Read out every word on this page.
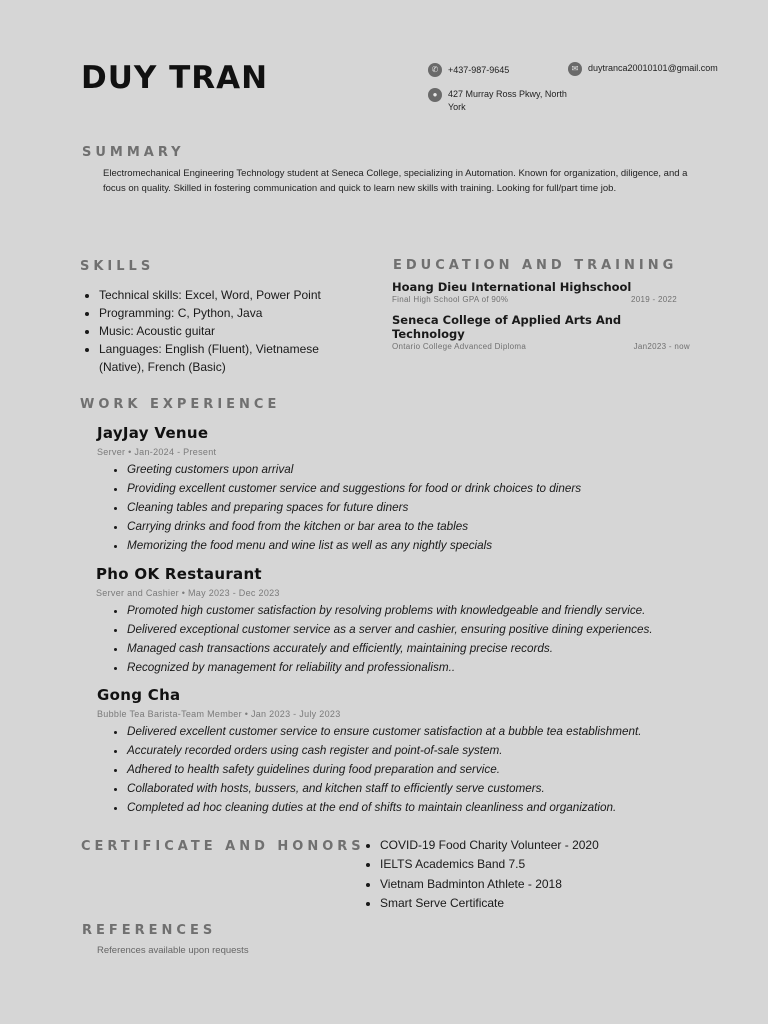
DUY TRAN	✆	+437-987-9645	✉	duytranca20010101@gmail.com
●	427 Murray Ross Pkwy, North York
SUMMARY
Electromechanical Engineering Technology student at Seneca College, specializing in Automation. Known for organization, diligence, and a focus on quality. Skilled in fostering communication and quick to learn new skills with training. Looking for full/part time job.
SKILLS
• Technical skills: Excel, Word, Power Point
• Programming: C, Python, Java
• Music: Acoustic guitar
• Languages: English (Fluent), Vietnamese (Native), French (Basic)
EDUCATION AND TRAINING
Hoang Dieu International Highschool
Final High School GPA of 90%	2019 - 2022
Seneca College of Applied Arts And Technology
Ontario College Advanced Diploma	Jan2023 - now
WORK EXPERIENCE
JayJay Venue
Server • Jan-2024 - Present
• Greeting customers upon arrival
• Providing excellent customer service and suggestions for food or drink choices to diners
• Cleaning tables and preparing spaces for future diners
• Carrying drinks and food from the kitchen or bar area to the tables
• Memorizing the food menu and wine list as well as any nightly specials
Pho OK Restaurant
Server and Cashier • May 2023 - Dec 2023
• Promoted high customer satisfaction by resolving problems with knowledgeable and friendly service.
• Delivered exceptional customer service as a server and cashier, ensuring positive dining experiences.
• Managed cash transactions accurately and efficiently, maintaining precise records.
• Recognized by management for reliability and professionalism..
Gong Cha
Bubble Tea Barista-Team Member • Jan 2023 - July 2023
• Delivered excellent customer service to ensure customer satisfaction at a bubble tea establishment.
• Accurately recorded orders using cash register and point-of-sale system.
• Adhered to health safety guidelines during food preparation and service.
• Collaborated with hosts, bussers, and kitchen staff to efficiently serve customers.
• Completed ad hoc cleaning duties at the end of shifts to maintain cleanliness and organization.
CERTIFICATE AND HONORS
• COVID-19 Food Charity Volunteer - 2020
• IELTS Academics Band 7.5
• Vietnam Badminton Athlete - 2018
• Smart Serve Certificate
REFERENCES
References available upon requests
